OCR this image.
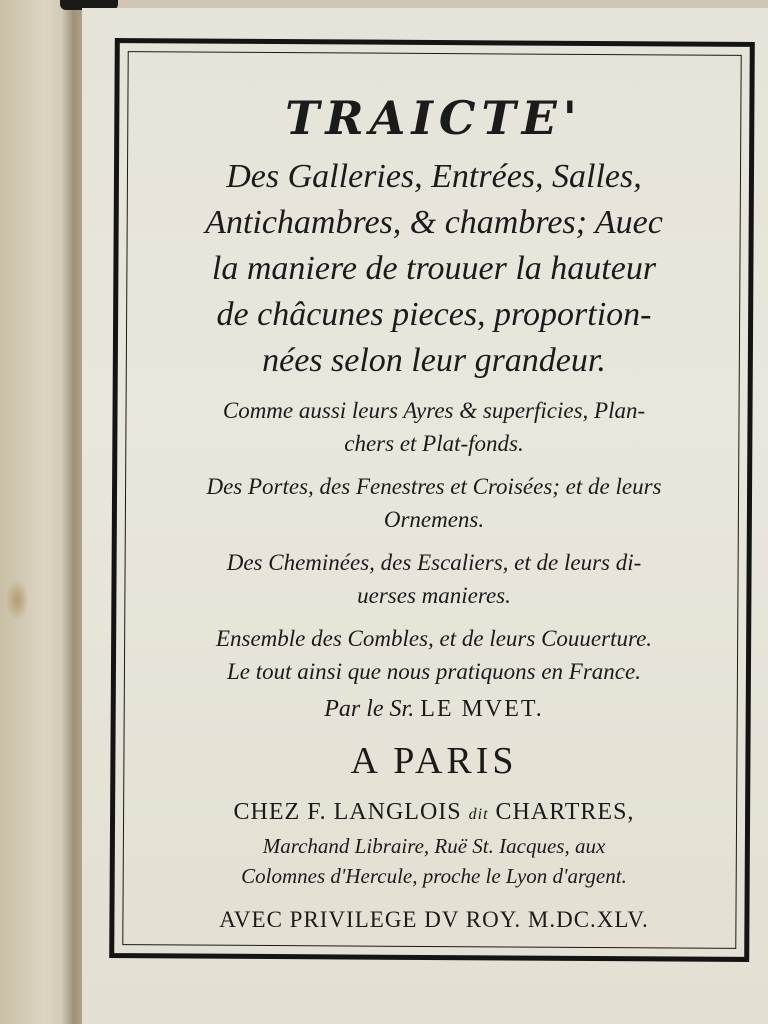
TRAICTE'
Des Galleries, Entrées, Salles,
Antichambres, & chambres; Auec
la maniere de trouuer la hauteur
de châcunes pieces, proportion-
nées selon leur grandeur.
Comme aussi leurs Ayres & superficies, Plan-
chers et Plat-fonds.
Des Portes, des Fenestres et Croisées; et de leurs
Ornemens.
Des Cheminées, des Escaliers, et de leurs di-
uerses manieres.
Ensemble des Combles, et de leurs Couuerture.
Le tout ainsi que nous pratiquons en France.
Par le Sr. LE MVET.
A PARIS
CHEZ F. LANGLOIS dit CHARTRES,
Marchand Libraire, Ruë St. Iacques, aux
Colomnes d'Hercule, proche le Lyon d'argent.
AVEC PRIVILEGE DV ROY. M.DC.XLV.
